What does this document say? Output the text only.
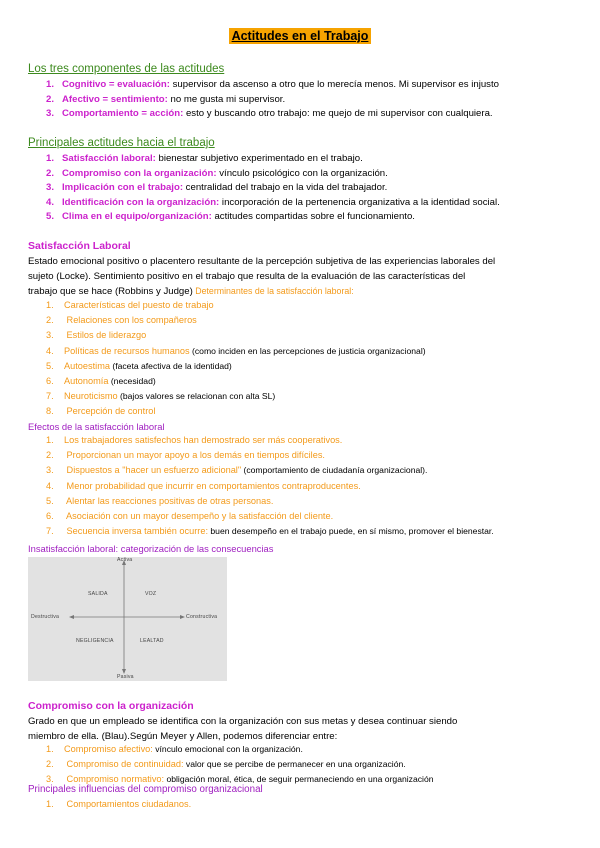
Actitudes en el Trabajo
Los tres componentes de las actitudes
1. Cognitivo = evaluación: supervisor da ascenso a otro que lo merecía menos. Mi supervisor es injusto
2. Afectivo = sentimiento: no me gusta mi supervisor.
3. Comportamiento = acción: esto y buscando otro trabajo: me quejo de mi supervisor con cualquiera.
Principales actitudes hacia el trabajo
1. Satisfacción laboral: bienestar subjetivo experimentado en el trabajo.
2. Compromiso con la organización: vínculo psicológico con la organización.
3. Implicación con el trabajo: centralidad del trabajo en la vida del trabajador.
4. Identificación con la organización: incorporación de la pertenencia organizativa a la identidad social.
5. Clima en el equipo/organización: actitudes compartidas sobre el funcionamiento.
Satisfacción Laboral
Estado emocional positivo o placentero resultante de la percepción subjetiva de las experiencias laborales del
sujeto (Locke). Sentimiento positivo en el trabajo que resulta de la evaluación de las características del
trabajo que se hace (Robbins y Judge) Determinantes de la satisfacción laboral:
1. Características del puesto de trabajo
2. Relaciones con los compañeros
3. Estilos de liderazgo
4. Políticas de recursos humanos (como inciden en las percepciones de justicia organizacional)
5. Autoestima (faceta afectiva de la identidad)
6. Autonomía (necesidad)
7. Neuroticismo (bajos valores se relacionan con alta SL)
8. Percepción de control
Efectos de la satisfacción laboral
1. Los trabajadores satisfechos han demostrado ser más cooperativos.
2. Proporcionan un mayor apoyo a los demás en tiempos difíciles.
3. Dispuestos a "hacer un esfuerzo adicional" (comportamiento de ciudadanía organizacional).
4. Menor probabilidad que incurrir en comportamientos contraproducentes.
5. Alentar las reacciones positivas de otras personas.
6. Asociación con un mayor desempeño y la satisfacción del cliente.
7. Secuencia inversa también ocurre: buen desempeño en el trabajo puede, en sí mismo, promover el bienestar.
Insatisfacción laboral: categorización de las consecuencias
Activa
Pasiva
Destructiva	Constructiva
SALIDA	VOZ
NEGLIGENCIA	LEALTAD
Compromiso con la organización
Grado en que un empleado se identifica con la organización con sus metas y desea continuar siendo
miembro de ella. (Blau).Según Meyer y Allen, podemos diferenciar entre:
1. Compromiso afectivo: vínculo emocional con la organización.
2. Compromiso de continuidad: valor que se percibe de permanecer en una organización.
3. Compromiso normativo: obligación moral, ética, de seguir permaneciendo en una organización
Principales influencias del compromiso organizacional
1. Comportamientos ciudadanos.
